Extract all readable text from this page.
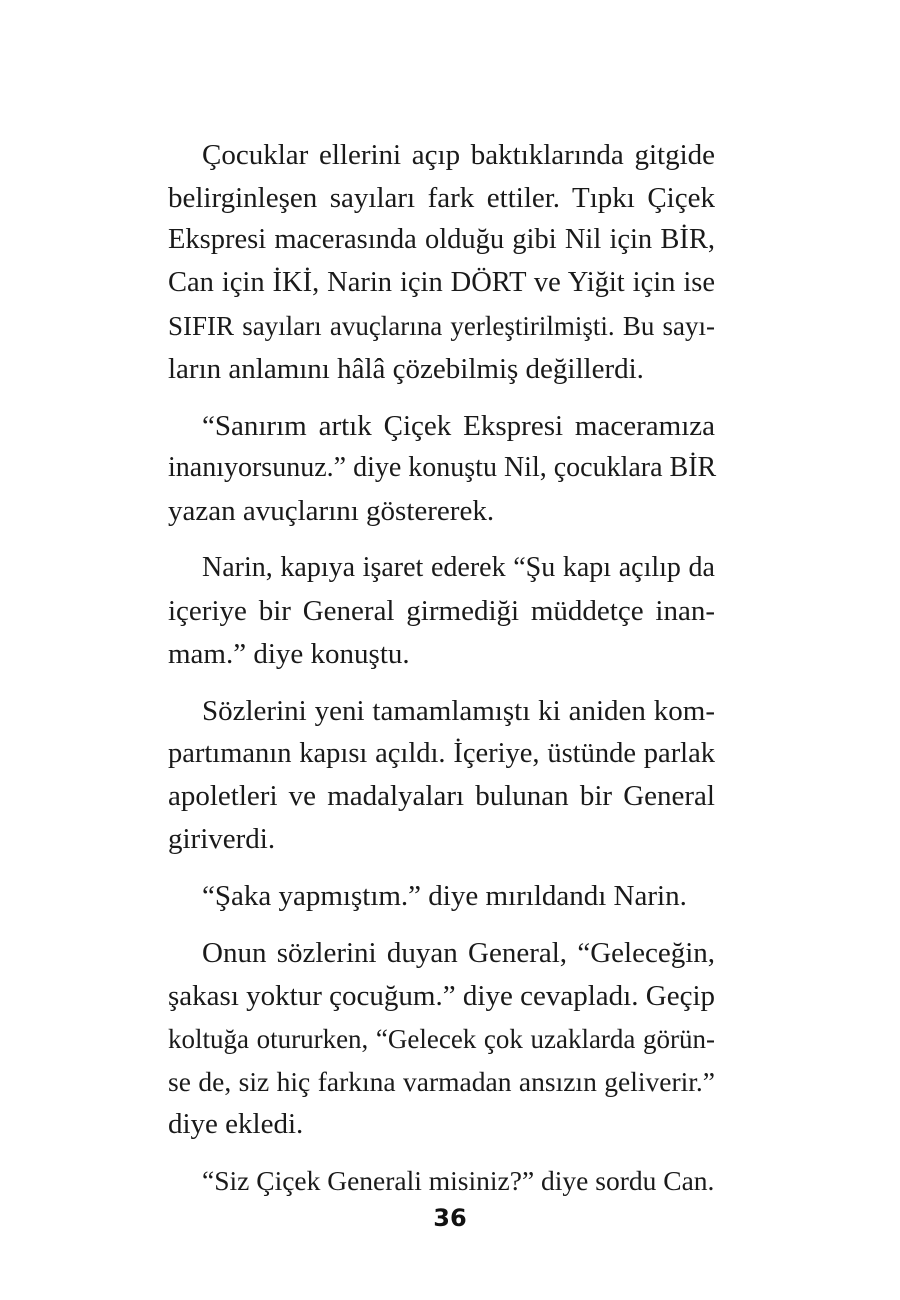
Çocuklar ellerini açıp baktıklarında gitgide
belirginleşen sayıları fark ettiler. Tıpkı Çiçek
Ekspresi macerasında olduğu gibi Nil için BİR,
Can için İKİ, Narin için DÖRT ve Yiğit için ise
SIFIR sayıları avuçlarına yerleştirilmişti. Bu sayı-
ların anlamını hâlâ çözebilmiş değillerdi.

“Sanırım artık Çiçek Ekspresi maceramıza
inanıyorsunuz.” diye konuştu Nil, çocuklara BİR
yazan avuçlarını göstererek.

Narin, kapıya işaret ederek “Şu kapı açılıp da
içeriye bir General girmediği müddetçe inan-
mam.” diye konuştu.

Sözlerini yeni tamamlamıştı ki aniden kom-
partımanın kapısı açıldı. İçeriye, üstünde parlak
apoletleri ve madalyaları bulunan bir General
giriverdi.

“Şaka yapmıştım.” diye mırıldandı Narin.

Onun sözlerini duyan General, “Geleceğin,
şakası yoktur çocuğum.” diye cevapladı. Geçip
koltuğa otururken, “Gelecek çok uzaklarda görün-
se de, siz hiç farkına varmadan ansızın geliverir.”
diye ekledi.

“Siz Çiçek Generali misiniz?” diye sordu Can.

36
